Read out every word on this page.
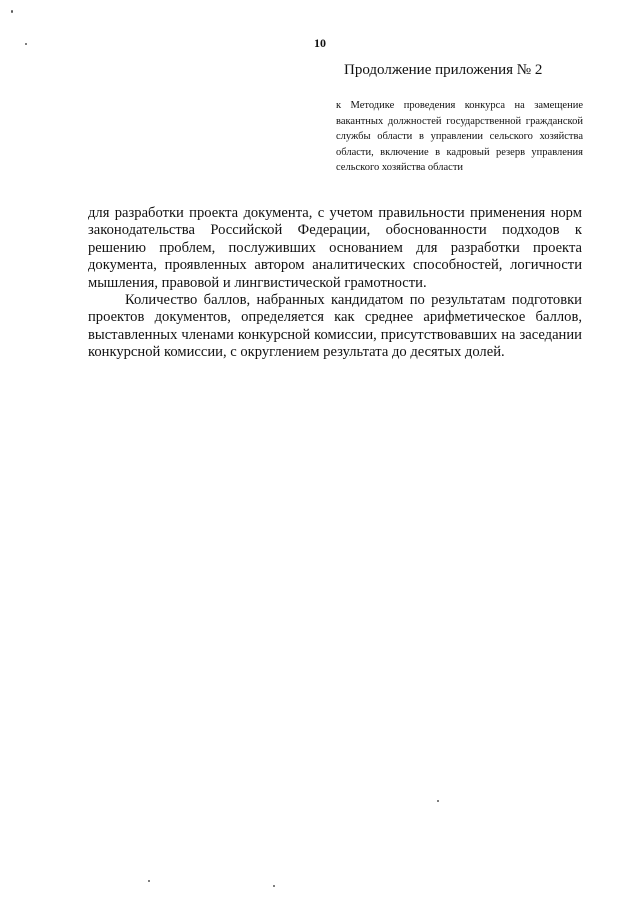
10
Продолжение приложения № 2
к Методике проведения конкурса на замещение вакантных должностей государственной гражданской службы области в управлении сельского хозяйства области, включение в кадровый резерв управления сельского хозяйства области

для разработки проекта документа, с учетом правильности применения норм законодательства Российской Федерации, обоснованности подходов к решению проблем, послуживших основанием для разработки проекта документа, проявленных автором аналитических способностей, логичности мышления, правовой и лингвистической грамотности.

Количество баллов, набранных кандидатом по результатам подготовки проектов документов, определяется как среднее арифметическое баллов, выставленных членами конкурсной комиссии, присутствовавших на заседании конкурсной комиссии, с округлением результата до десятых долей.
